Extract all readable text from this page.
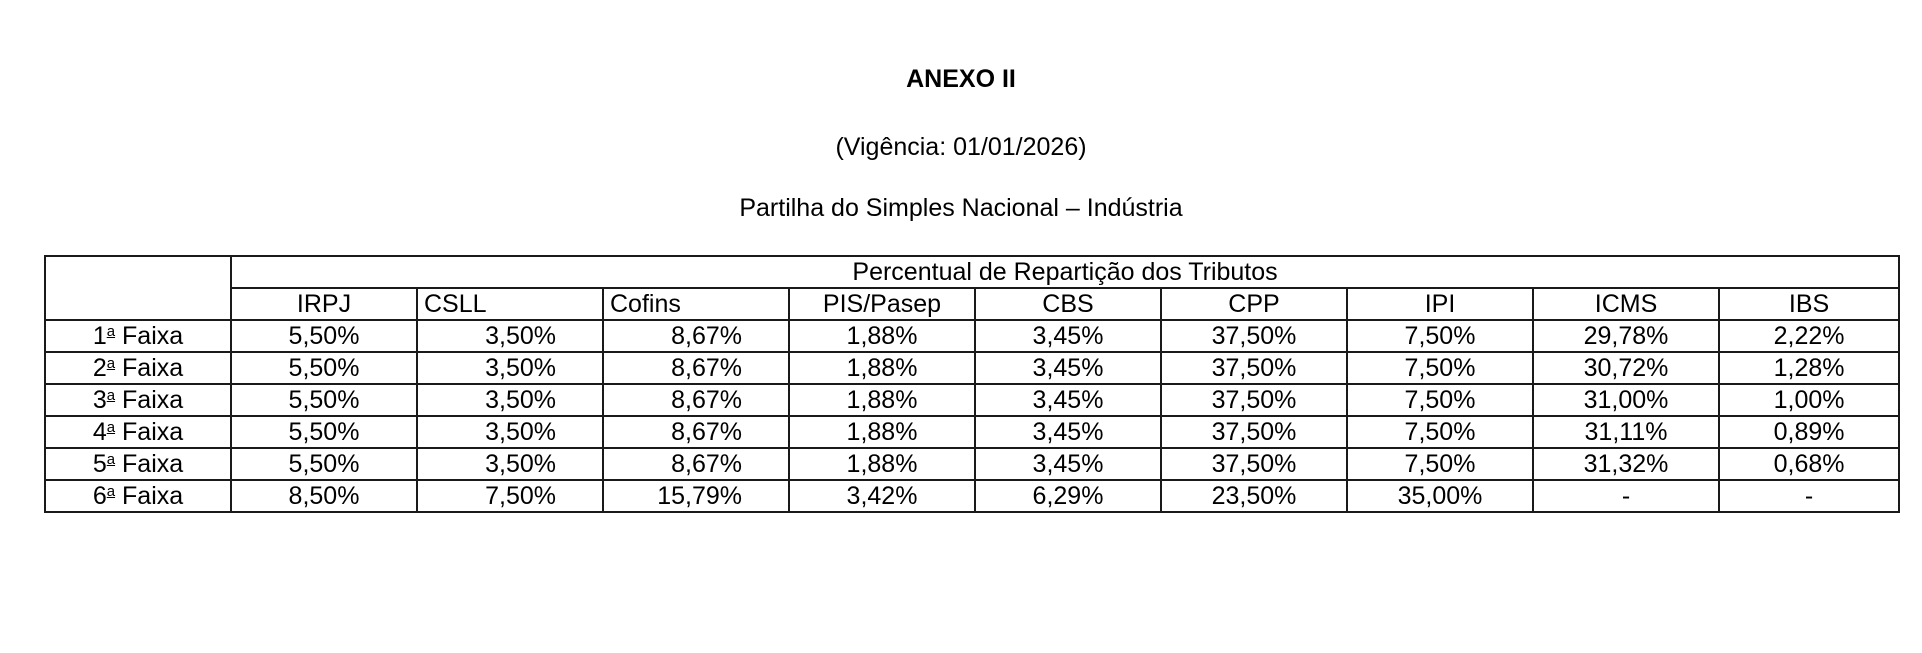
ANEXO II
(Vigência: 01/01/2026)
Partilha do Simples Nacional – Indústria
	Percentual de Repartição dos Tributos								
	IRPJ	CSLL	Cofins	PIS/Pasep	CBS	CPP	IPI	ICMS	IBS
1$^a$ Faixa	5,50%	3,50%	8,67%	1,88%	3,45%	37,50%	7,50%	29,78%	2,22%
2$^a$ Faixa	5,50%	3,50%	8,67%	1,88%	3,45%	37,50%	7,50%	30,72%	1,28%
3$^a$ Faixa	5,50%	3,50%	8,67%	1,88%	3,45%	37,50%	7,50%	31,00%	1,00%
4$^a$ Faixa	5,50%	3,50%	8,67%	1,88%	3,45%	37,50%	7,50%	31,11%	0,89%
5$^a$ Faixa	5,50%	3,50%	8,67%	1,88%	3,45%	37,50%	7,50%	31,32%	0,68%
6$^a$ Faixa	8,50%	7,50%	15,79%	3,42%	6,29%	23,50%	35,00%	-	-
